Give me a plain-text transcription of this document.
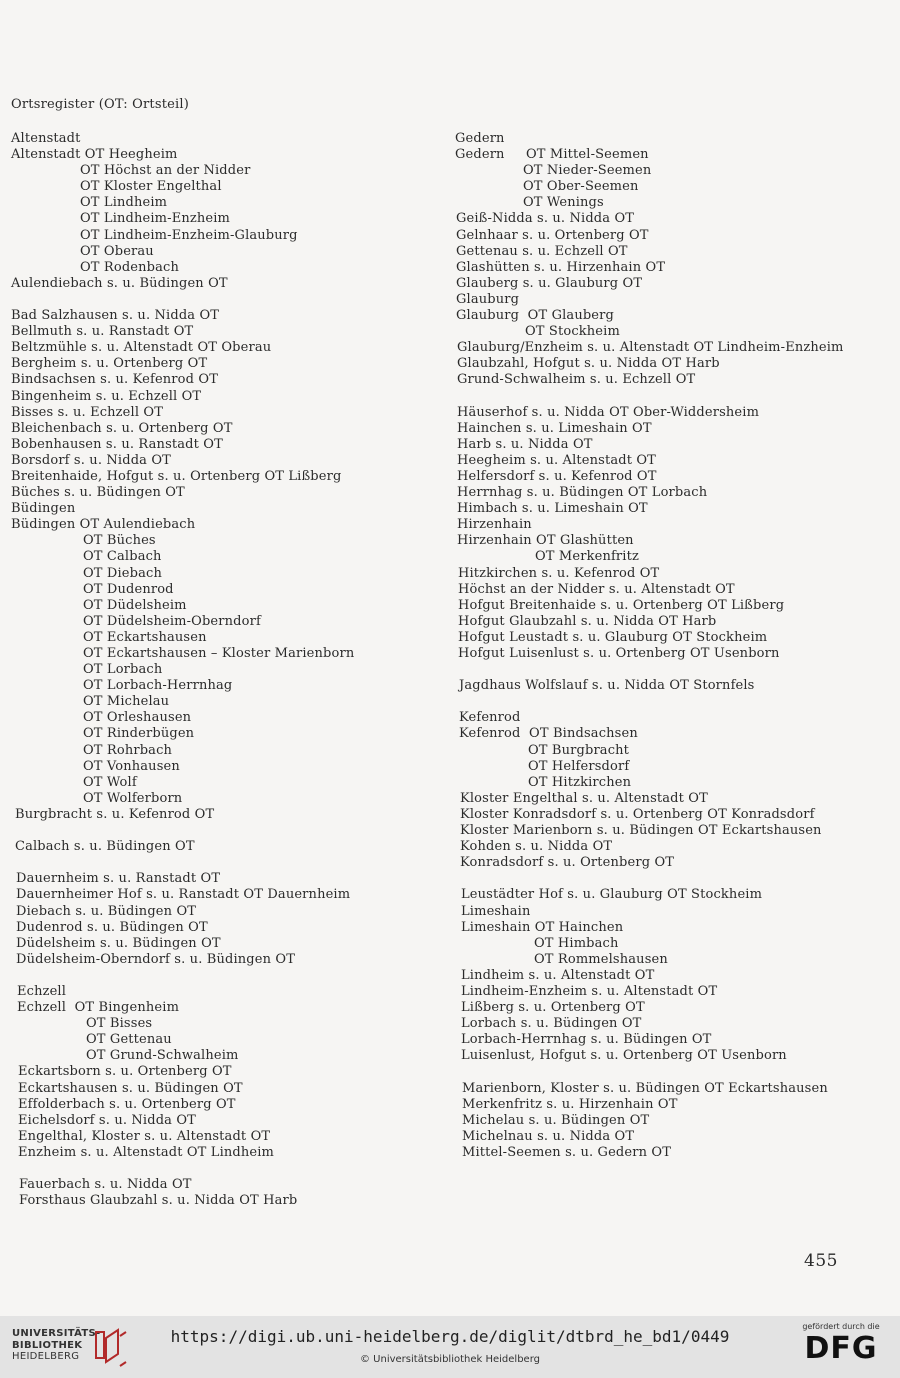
Ortsregister (OT: Ortsteil)
Altenstadt
Altenstadt OT Heegheim
OT Höchst an der Nidder
OT Kloster Engelthal
OT Lindheim
OT Lindheim-Enzheim
OT Lindheim-Enzheim-Glauburg
OT Oberau
OT Rodenbach
Aulendiebach s. u. Büdingen OT
Bad Salzhausen s. u. Nidda OT
Bellmuth s. u. Ranstadt OT
Beltzmühle s. u. Altenstadt OT Oberau
Bergheim s. u. Ortenberg OT
Bindsachsen s. u. Kefenrod OT
Bingenheim s. u. Echzell OT
Bisses s. u. Echzell OT
Bleichenbach s. u. Ortenberg OT
Bobenhausen s. u. Ranstadt OT
Borsdorf s. u. Nidda OT
Breitenhaide, Hofgut s. u. Ortenberg OT Lißberg
Büches s. u. Büdingen OT
Büdingen
Büdingen OT Aulendiebach
OT Büches
OT Calbach
OT Diebach
OT Dudenrod
OT Düdelsheim
OT Düdelsheim-Oberndorf
OT Eckartshausen
OT Eckartshausen – Kloster Marienborn
OT Lorbach
OT Lorbach-Herrnhag
OT Michelau
OT Orleshausen
OT Rinderbügen
OT Rohrbach
OT Vonhausen
OT Wolf
OT Wolferborn
Burgbracht s. u. Kefenrod OT
Calbach s. u. Büdingen OT
Dauernheim s. u. Ranstadt OT
Dauernheimer Hof s. u. Ranstadt OT Dauernheim
Diebach s. u. Büdingen OT
Dudenrod s. u. Büdingen OT
Düdelsheim s. u. Büdingen OT
Düdelsheim-Oberndorf s. u. Büdingen OT
Echzell
Echzell  OT Bingenheim
OT Bisses
OT Gettenau
OT Grund-Schwalheim
Eckartsborn s. u. Ortenberg OT
Eckartshausen s. u. Büdingen OT
Effolderbach s. u. Ortenberg OT
Eichelsdorf s. u. Nidda OT
Engelthal, Kloster s. u. Altenstadt OT
Enzheim s. u. Altenstadt OT Lindheim
Fauerbach s. u. Nidda OT
Forsthaus Glaubzahl s. u. Nidda OT Harb
Gedern
Gedern     OT Mittel-Seemen
OT Nieder-Seemen
OT Ober-Seemen
OT Wenings
Geiß-Nidda s. u. Nidda OT
Gelnhaar s. u. Ortenberg OT
Gettenau s. u. Echzell OT
Glashütten s. u. Hirzenhain OT
Glauberg s. u. Glauburg OT
Glauburg
Glauburg  OT Glauberg
OT Stockheim
Glauburg/Enzheim s. u. Altenstadt OT Lindheim-Enzheim
Glaubzahl, Hofgut s. u. Nidda OT Harb
Grund-Schwalheim s. u. Echzell OT
Häuserhof s. u. Nidda OT Ober-Widdersheim
Hainchen s. u. Limeshain OT
Harb s. u. Nidda OT
Heegheim s. u. Altenstadt OT
Helfersdorf s. u. Kefenrod OT
Herrnhag s. u. Büdingen OT Lorbach
Himbach s. u. Limeshain OT
Hirzenhain
Hirzenhain OT Glashütten
OT Merkenfritz
Hitzkirchen s. u. Kefenrod OT
Höchst an der Nidder s. u. Altenstadt OT
Hofgut Breitenhaide s. u. Ortenberg OT Lißberg
Hofgut Glaubzahl s. u. Nidda OT Harb
Hofgut Leustadt s. u. Glauburg OT Stockheim
Hofgut Luisenlust s. u. Ortenberg OT Usenborn
Jagdhaus Wolfslauf s. u. Nidda OT Stornfels
Kefenrod
Kefenrod  OT Bindsachsen
OT Burgbracht
OT Helfersdorf
OT Hitzkirchen
Kloster Engelthal s. u. Altenstadt OT
Kloster Konradsdorf s. u. Ortenberg OT Konradsdorf
Kloster Marienborn s. u. Büdingen OT Eckartshausen
Kohden s. u. Nidda OT
Konradsdorf s. u. Ortenberg OT
Leustädter Hof s. u. Glauburg OT Stockheim
Limeshain
Limeshain OT Hainchen
OT Himbach
OT Rommelshausen
Lindheim s. u. Altenstadt OT
Lindheim-Enzheim s. u. Altenstadt OT
Lißberg s. u. Ortenberg OT
Lorbach s. u. Büdingen OT
Lorbach-Herrnhag s. u. Büdingen OT
Luisenlust, Hofgut s. u. Ortenberg OT Usenborn
Marienborn, Kloster s. u. Büdingen OT Eckartshausen
Merkenfritz s. u. Hirzenhain OT
Michelau s. u. Büdingen OT
Michelnau s. u. Nidda OT
Mittel-Seemen s. u. Gedern OT
455
UNIVERSITÄTS-
BIBLIOTHEK
HEIDELBERG
https://digi.ub.uni-heidelberg.de/diglit/dtbrd_he_bd1/0449
© Universitätsbibliothek Heidelberg
gefördert durch die
DFG
